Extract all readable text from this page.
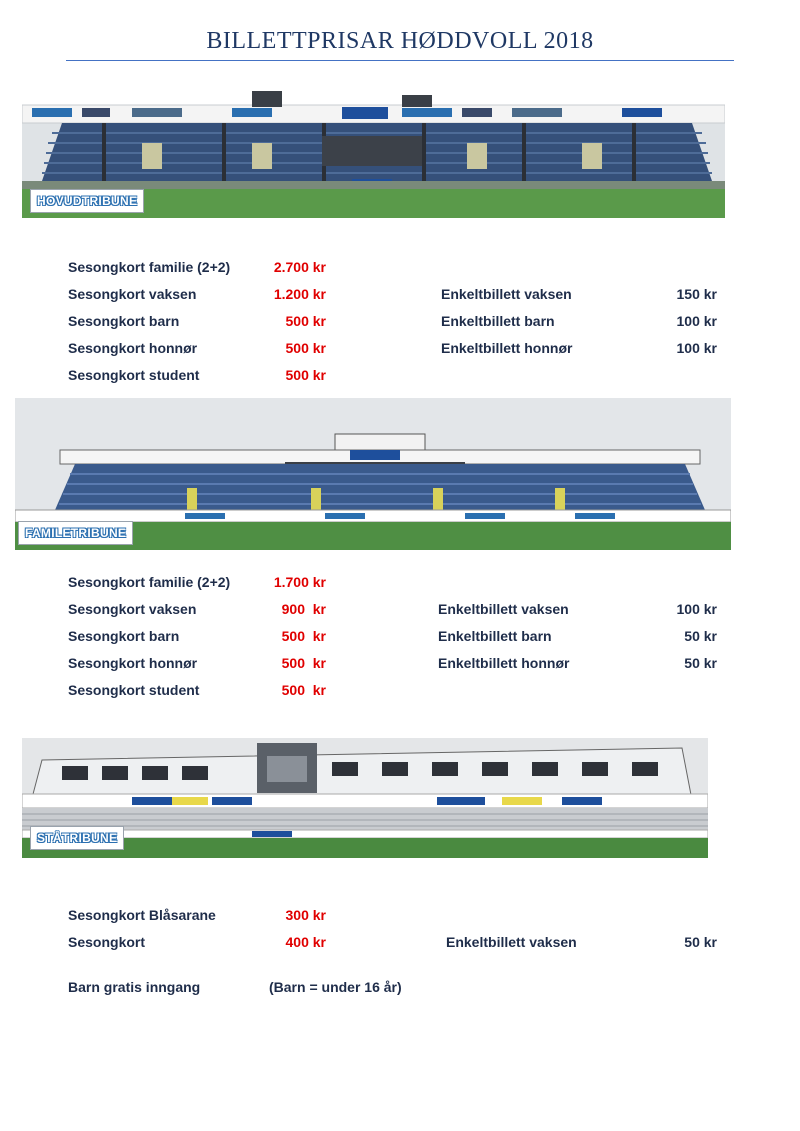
BILLETTPRISAR HØDDVOLL 2018
HOVUDTRIBUNE
Sesongkort familie (2+2)	2.700 kr
Sesongkort vaksen	1.200 kr	Enkeltbillett vaksen	150 kr
Sesongkort barn	500 kr	Enkeltbillett barn	100 kr
Sesongkort honnør	500 kr	Enkeltbillett honnør	100 kr
Sesongkort student	500 kr
FAMILETRIBUNE
Sesongkort familie (2+2)	1.700 kr
Sesongkort vaksen	900  kr	Enkeltbillett vaksen	100 kr
Sesongkort barn	500  kr	Enkeltbillett barn	50 kr
Sesongkort honnør	500  kr	Enkeltbillett honnør	50 kr
Sesongkort student	500  kr
STÅTRIBUNE
Sesongkort Blåsarane	300 kr
Sesongkort	400 kr	Enkeltbillett vaksen	50 kr
Barn gratis inngang	(Barn = under 16 år)
